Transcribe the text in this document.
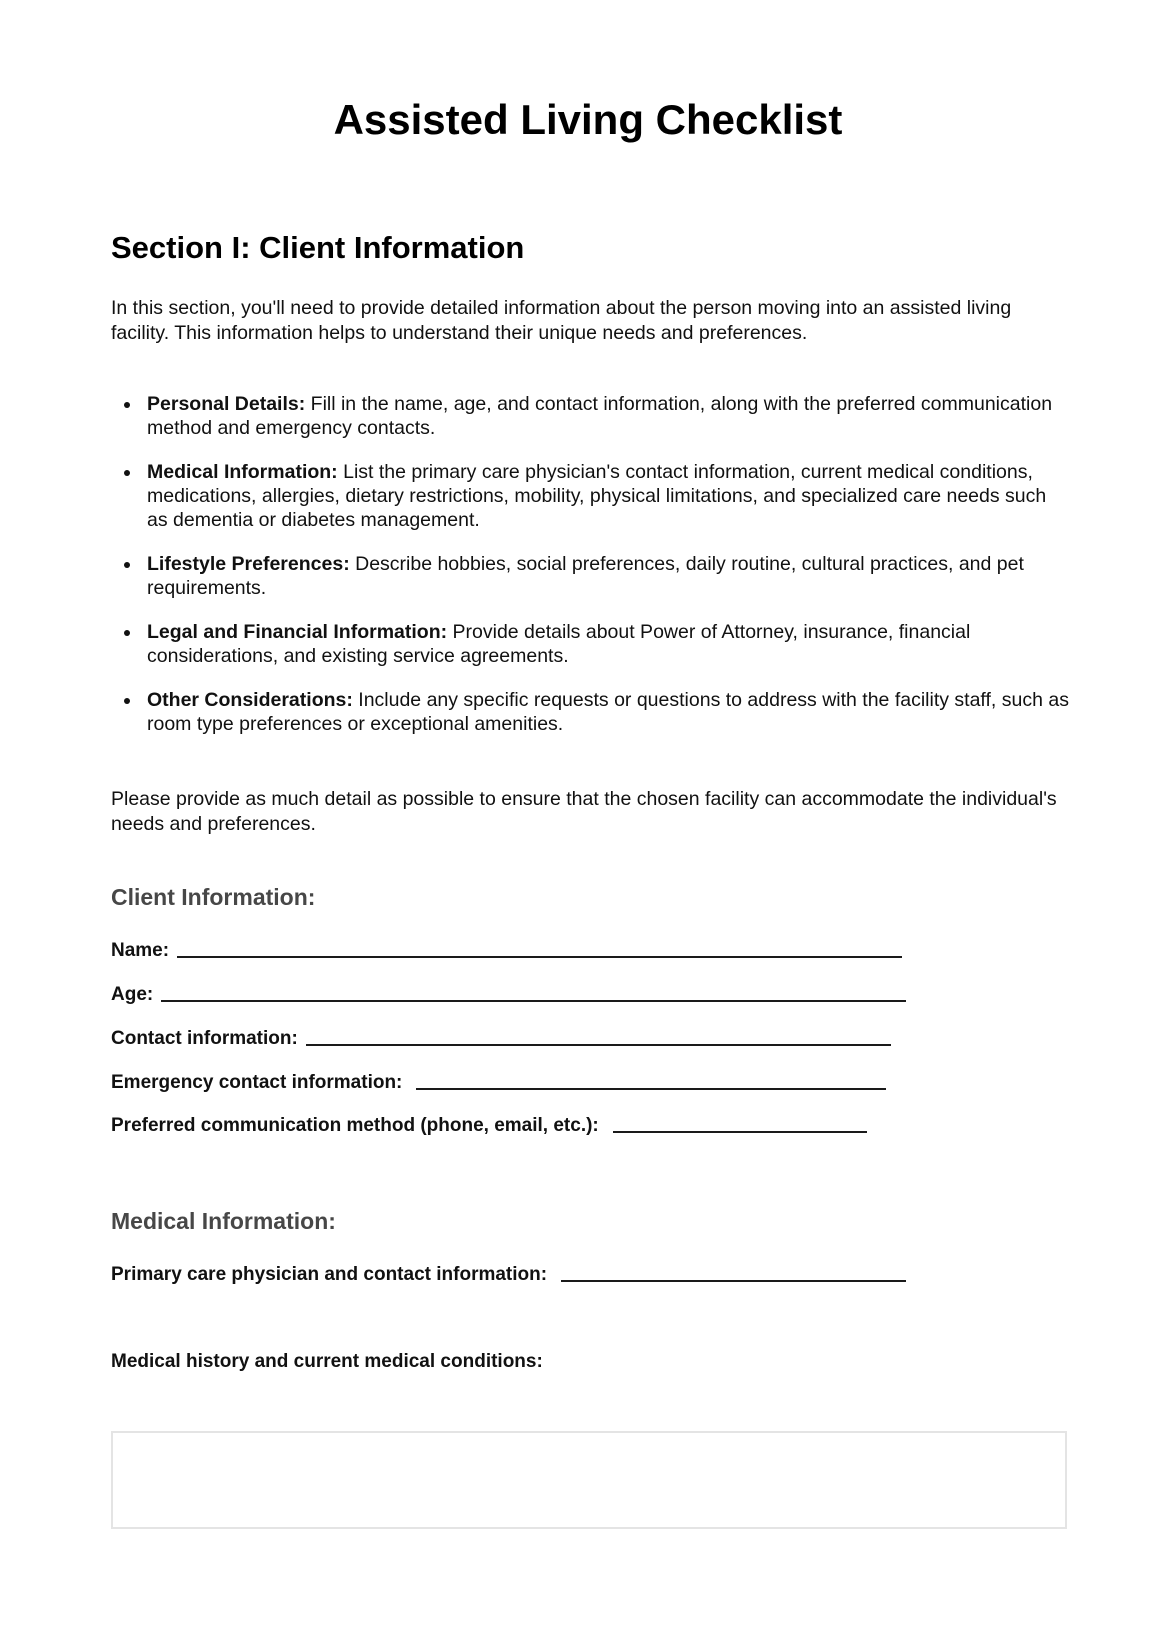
Assisted Living Checklist
Section I: Client Information

In this section, you'll need to provide detailed information about the person moving into an assisted living facility. This information helps to understand their unique needs and preferences.

Personal Details: Fill in the name, age, and contact information, along with the preferred communication method and emergency contacts.
Medical Information: List the primary care physician's contact information, current medical conditions, medications, allergies, dietary restrictions, mobility, physical limitations, and specialized care needs such as dementia or diabetes management.
Lifestyle Preferences: Describe hobbies, social preferences, daily routine, cultural practices, and pet requirements.
Legal and Financial Information: Provide details about Power of Attorney, insurance, financial considerations, and existing service agreements.
Other Considerations: Include any specific requests or questions to address with the facility staff, such as room type preferences or exceptional amenities.

Please provide as much detail as possible to ensure that the chosen facility can accommodate the individual's needs and preferences.

Client Information:
Name:
Age:
Contact information:
Emergency contact information:
Preferred communication method (phone, email, etc.):
Medical Information:
Primary care physician and contact information:
Medical history and current medical conditions:
